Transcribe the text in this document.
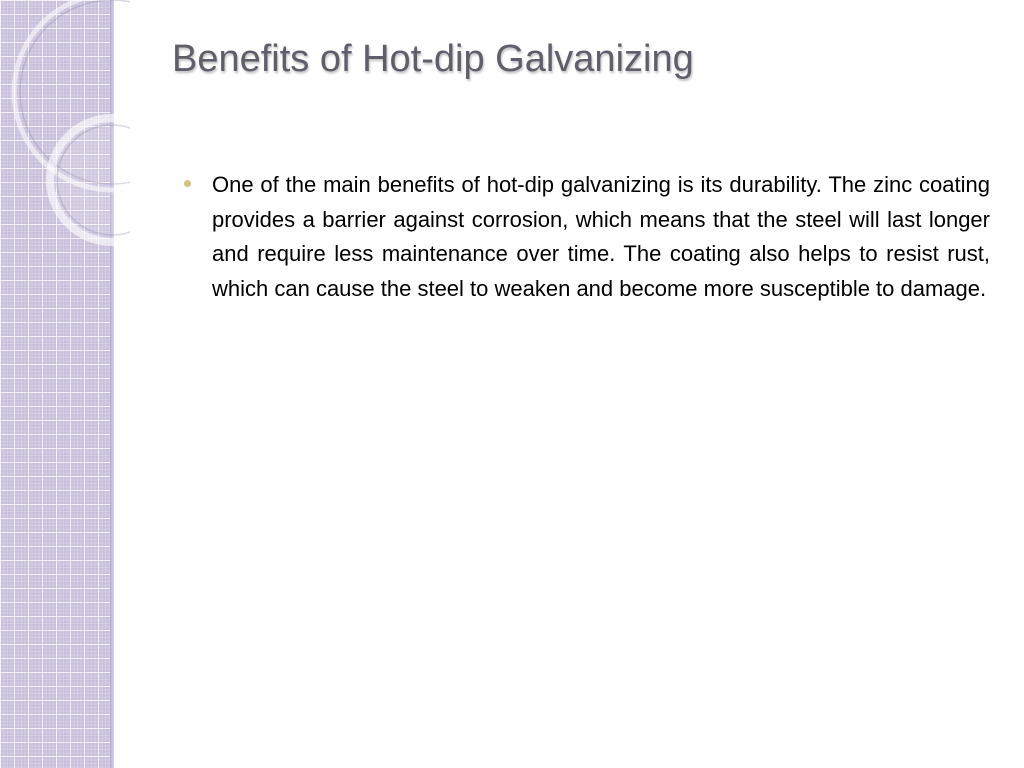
Benefits of Hot-dip Galvanizing
One of the main benefits of hot-dip galvanizing is its durability. The zinc coating provides a barrier against corrosion, which means that the steel will last longer and require less maintenance over time. The coating also helps to resist rust, which can cause the steel to weaken and become more susceptible to damage.
